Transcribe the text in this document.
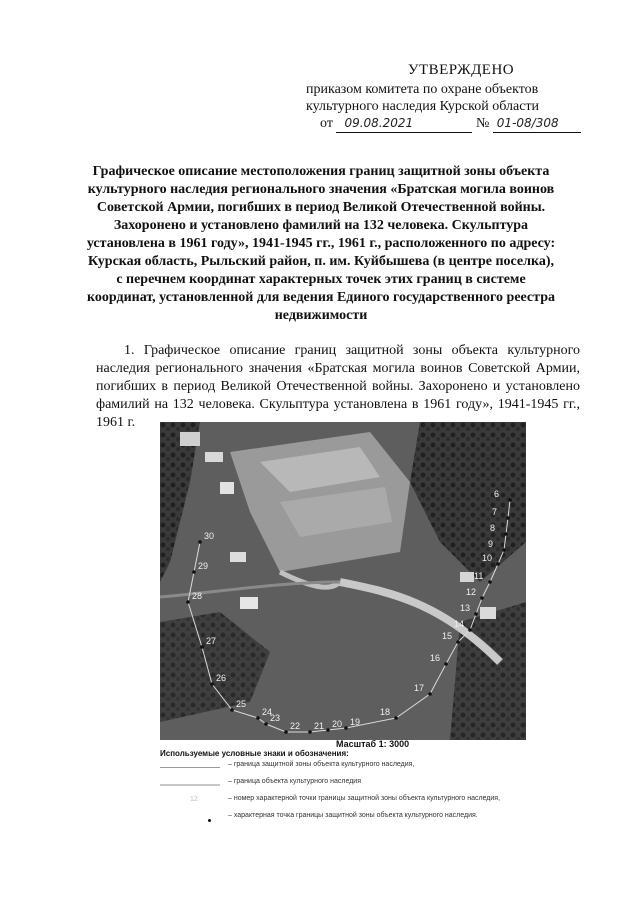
УТВЕРЖДЕНО
приказом комитета по охране объектов
культурного наследия Курской области
от 09.08.2021	№ 01-08/308
Графическое описание местоположения границ защитной зоны объекта культурного наследия регионального значения «Братская могила воинов Советской Армии, погибших в период Великой Отечественной войны. Захоронено и установлено фамилий на 132 человека. Скульптура установлена в 1961 году», 1941-1945 гг., 1961 г., расположенного по адресу: Курская область, Рыльский район, п. им. Куйбышева (в центре поселка), с перечнем координат характерных точек этих границ в системе координат, установленной для ведения Единого государственного реестра недвижимости
1. Графическое описание границ защитной зоны объекта культурного наследия регионального значения «Братская могила воинов Советской Армии, погибших в период Великой Отечественной войны. Захоронено и установлено фамилий на 132 человека. Скульптура установлена в 1961 году», 1941-1945 гг., 1961 г.
30
29
28
27
26
25
24
23
22 21 20 19
18
17
16
15
14
13
12
11
10
9
8
7
6
Масштаб 1: 3000
Используемые условные знаки и обозначения:
– граница защитной зоны объекта культурного наследия,
– граница объекта культурного наследия
12	– номер характерной точки границы защитной зоны объекта культурного наследия,
– характерная точка границы защитной зоны объекта культурного наследия.
